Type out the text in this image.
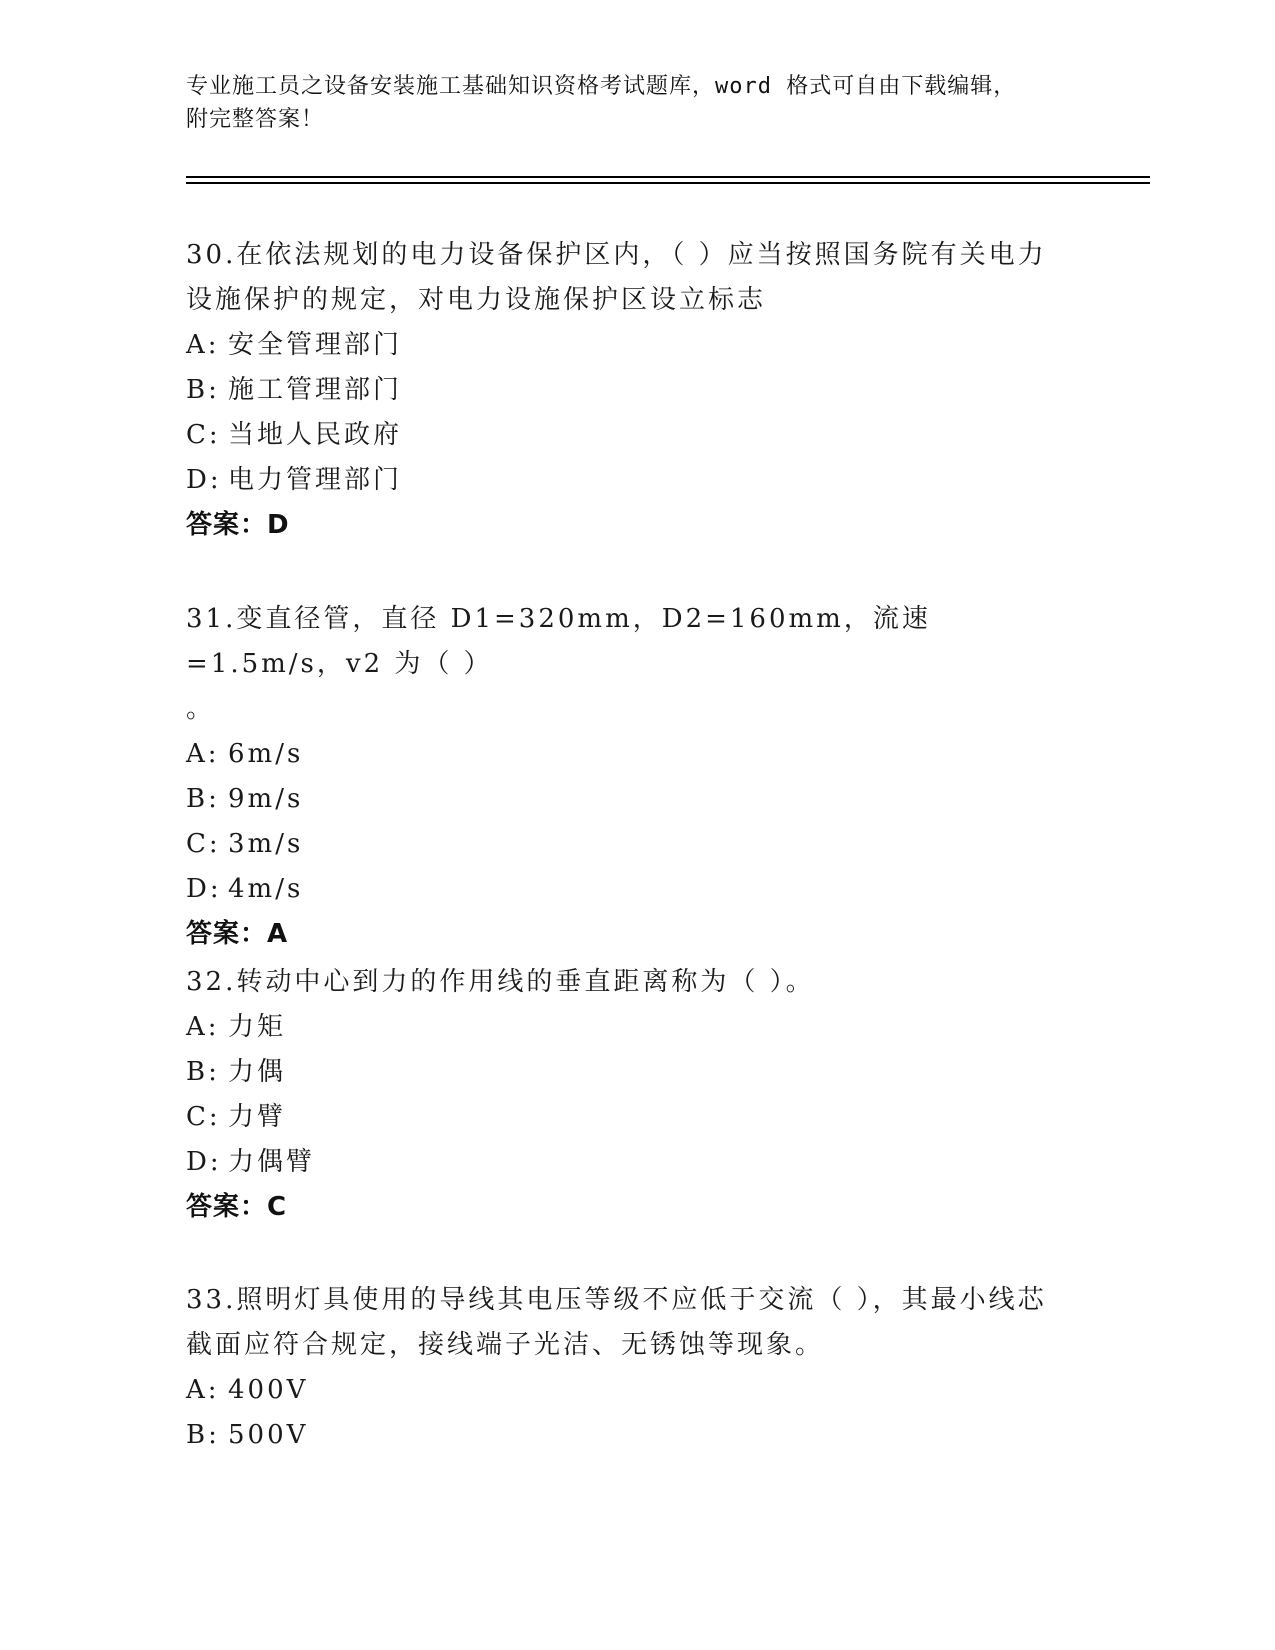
专业施工员之设备安装施工基础知识资格考试题库，word 格式可自由下载编辑，
附完整答案！

30.在依法规划的电力设备保护区内，（ ）应当按照国务院有关电力

设施保护的规定，对电力设施保护区设立标志

A: 安全管理部门

B: 施工管理部门

C: 当地人民政府

D: 电力管理部门

答案：D

31.变直径管，直径 D1=320mm，D2=160mm，流速=1.5m/s，v2 为（ ）

。

A: 6m/s

B: 9m/s

C: 3m/s

D: 4m/s

答案：A

32.转动中心到力的作用线的垂直距离称为（ ）。

A: 力矩

B: 力偶

C: 力臂

D: 力偶臂

答案：C

33.照明灯具使用的导线其电压等级不应低于交流（ ），其最小线芯

截面应符合规定，接线端子光洁、无锈蚀等现象。

A: 400V

B: 500V
